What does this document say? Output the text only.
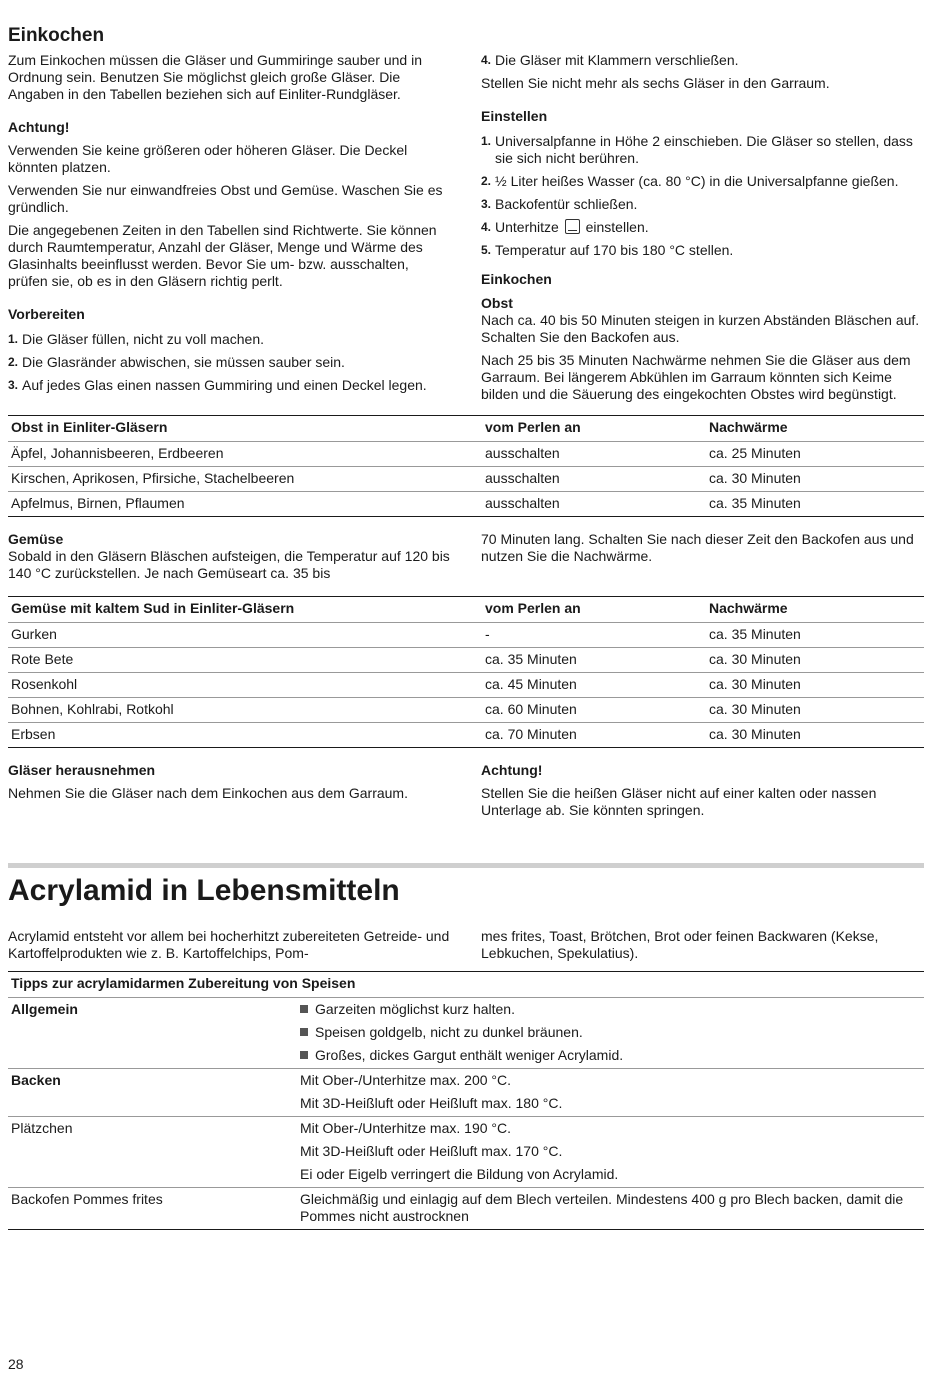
Einkochen

Zum Einkochen müssen die Gläser und Gummiringe sauber und in Ordnung sein. Benutzen Sie möglichst gleich große Gläser. Die Angaben in den Tabellen beziehen sich auf Einliter-Rundgläser.

Achtung!

Verwenden Sie keine größeren oder höheren Gläser. Die Deckel könnten platzen.

Verwenden Sie nur einwandfreies Obst und Gemüse. Waschen Sie es gründlich.

Die angegebenen Zeiten in den Tabellen sind Richtwerte. Sie können durch Raumtemperatur, Anzahl der Gläser, Menge und Wärme des Glasinhalts beeinflusst werden. Bevor Sie um- bzw. ausschalten, prüfen sie, ob es in den Gläsern richtig perlt.

Vorbereiten
1. Die Gläser füllen, nicht zu voll machen.
2. Die Glasränder abwischen, sie müssen sauber sein.
3. Auf jedes Glas einen nassen Gummiring und einen Deckel legen.
4. Die Gläser mit Klammern verschließen.

Stellen Sie nicht mehr als sechs Gläser in den Garraum.

Einstellen
1. Universalpfanne in Höhe 2 einschieben. Die Gläser so stellen, dass sie sich nicht berühren.
2. ½ Liter heißes Wasser (ca. 80 °C) in die Universalpfanne gießen.
3. Backofentür schließen.
4. Unterhitze einstellen.
5. Temperatur auf 170 bis 180 °C stellen.
Einkochen
Obst

Nach ca. 40 bis 50 Minuten steigen in kurzen Abständen Bläschen auf. Schalten Sie den Backofen aus.

Nach 25 bis 35 Minuten Nachwärme nehmen Sie die Gläser aus dem Garraum. Bei längerem Abkühlen im Garraum könnten sich Keime bilden und die Säuerung des eingekochten Obstes wird begünstigt.

Obst in Einliter-Gläsern	vom Perlen an	Nachwärme
Äpfel, Johannisbeeren, Erdbeeren	ausschalten	ca. 25 Minuten
Kirschen, Aprikosen, Pfirsiche, Stachelbeeren	ausschalten	ca. 30 Minuten
Apfelmus, Birnen, Pflaumen	ausschalten	ca. 35 Minuten
Gemüse

Sobald in den Gläsern Bläschen aufsteigen, die Temperatur auf 120 bis 140 °C zurückstellen. Je nach Gemüseart ca. 35 bis

70 Minuten lang. Schalten Sie nach dieser Zeit den Backofen aus und nutzen Sie die Nachwärme.

Gemüse mit kaltem Sud in Einliter-Gläsern	vom Perlen an	Nachwärme
Gurken	-	ca. 35 Minuten
Rote Bete	ca. 35 Minuten	ca. 30 Minuten
Rosenkohl	ca. 45 Minuten	ca. 30 Minuten
Bohnen, Kohlrabi, Rotkohl	ca. 60 Minuten	ca. 30 Minuten
Erbsen	ca. 70 Minuten	ca. 30 Minuten
Gläser herausnehmen

Nehmen Sie die Gläser nach dem Einkochen aus dem Garraum.

Achtung!

Stellen Sie die heißen Gläser nicht auf einer kalten oder nassen Unterlage ab. Sie könnten springen.

Acrylamid in Lebensmitteln

Acrylamid entsteht vor allem bei hocherhitzt zubereiteten Getreide- und Kartoffelprodukten wie z. B. Kartoffelchips, Pom-

mes frites, Toast, Brötchen, Brot oder feinen Backwaren (Kekse, Lebkuchen, Spekulatius).

Tipps zur acrylamidarmen Zubereitung von Speisen	
Allgemein	Garzeiten möglichst kurz halten.
Speisen goldgelb, nicht zu dunkel bräunen.
Großes, dickes Gargut enthält weniger Acrylamid.

Backen	Mit Ober-/Unterhitze max. 200 °C.
Mit 3D-Heißluft oder Heißluft max. 180 °C.

Plätzchen	Mit Ober-/Unterhitze max. 190 °C.
Mit 3D-Heißluft oder Heißluft max. 170 °C.
Ei oder Eigelb verringert die Bildung von Acrylamid.

Backofen Pommes frites	Gleichmäßig und einlagig auf dem Blech verteilen. Mindestens 400 g pro Blech backen, damit die Pommes nicht austrocknen
28
